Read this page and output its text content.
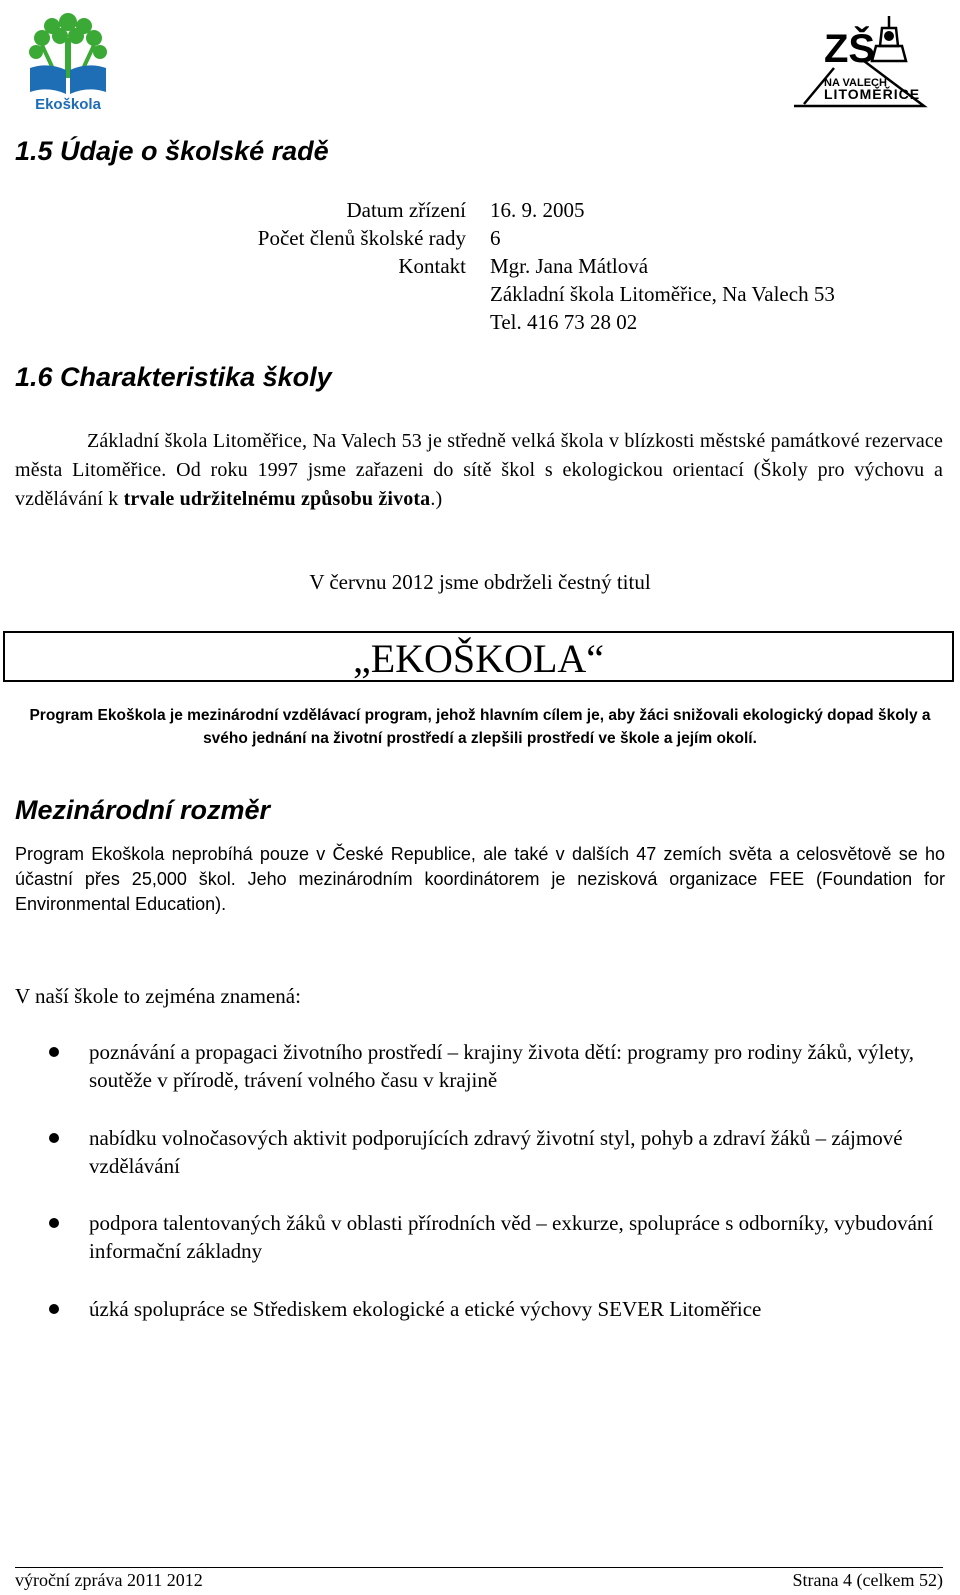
Ekoškola
ZŠ
NA VALECH
LITOMĚŘICE
1.5 Údaje o školské radě
Datum zřízení 16. 9. 2005
Počet členů školské rady 6
Kontakt Mgr. Jana Mátlová
Základní škola Litoměřice, Na Valech 53
Tel. 416 73 28 02
1.6 Charakteristika školy
Základní škola Litoměřice, Na Valech 53 je středně velká škola v blízkosti městské památkové rezervace města Litoměřice. Od roku 1997 jsme zařazeni do sítě škol s ekologickou orientací (Školy pro výchovu a vzdělávání k trvale udržitelnému způsobu života.)
V červnu 2012 jsme obdrželi čestný titul
„EKOŠKOLA“
Program Ekoškola je mezinárodní vzdělávací program, jehož hlavním cílem je, aby žáci snižovali ekologický dopad školy a svého jednání na životní prostředí a zlepšili prostředí ve škole a jejím okolí.
Mezinárodní rozměr
Program Ekoškola neprobíhá pouze v České Republice, ale také v dalších 47 zemích světa a celosvětově se ho účastní přes 25,000 škol. Jeho mezinárodním koordinátorem je nezisková organizace FEE (Foundation for Environmental Education).
V naší škole to zejména znamená:
poznávání a propagaci životního prostředí – krajiny života dětí: programy pro rodiny žáků, výlety, soutěže v přírodě, trávení volného času v krajině
nabídku volnočasových aktivit podporujících zdravý životní styl, pohyb a zdraví žáků – zájmové vzdělávání
podpora talentovaných žáků v oblasti přírodních věd – exkurze, spolupráce s odborníky, vybudování informační základny
úzká spolupráce se Střediskem ekologické a etické výchovy SEVER Litoměřice
výroční zpráva 2011 2012	Strana 4 (celkem 52)
